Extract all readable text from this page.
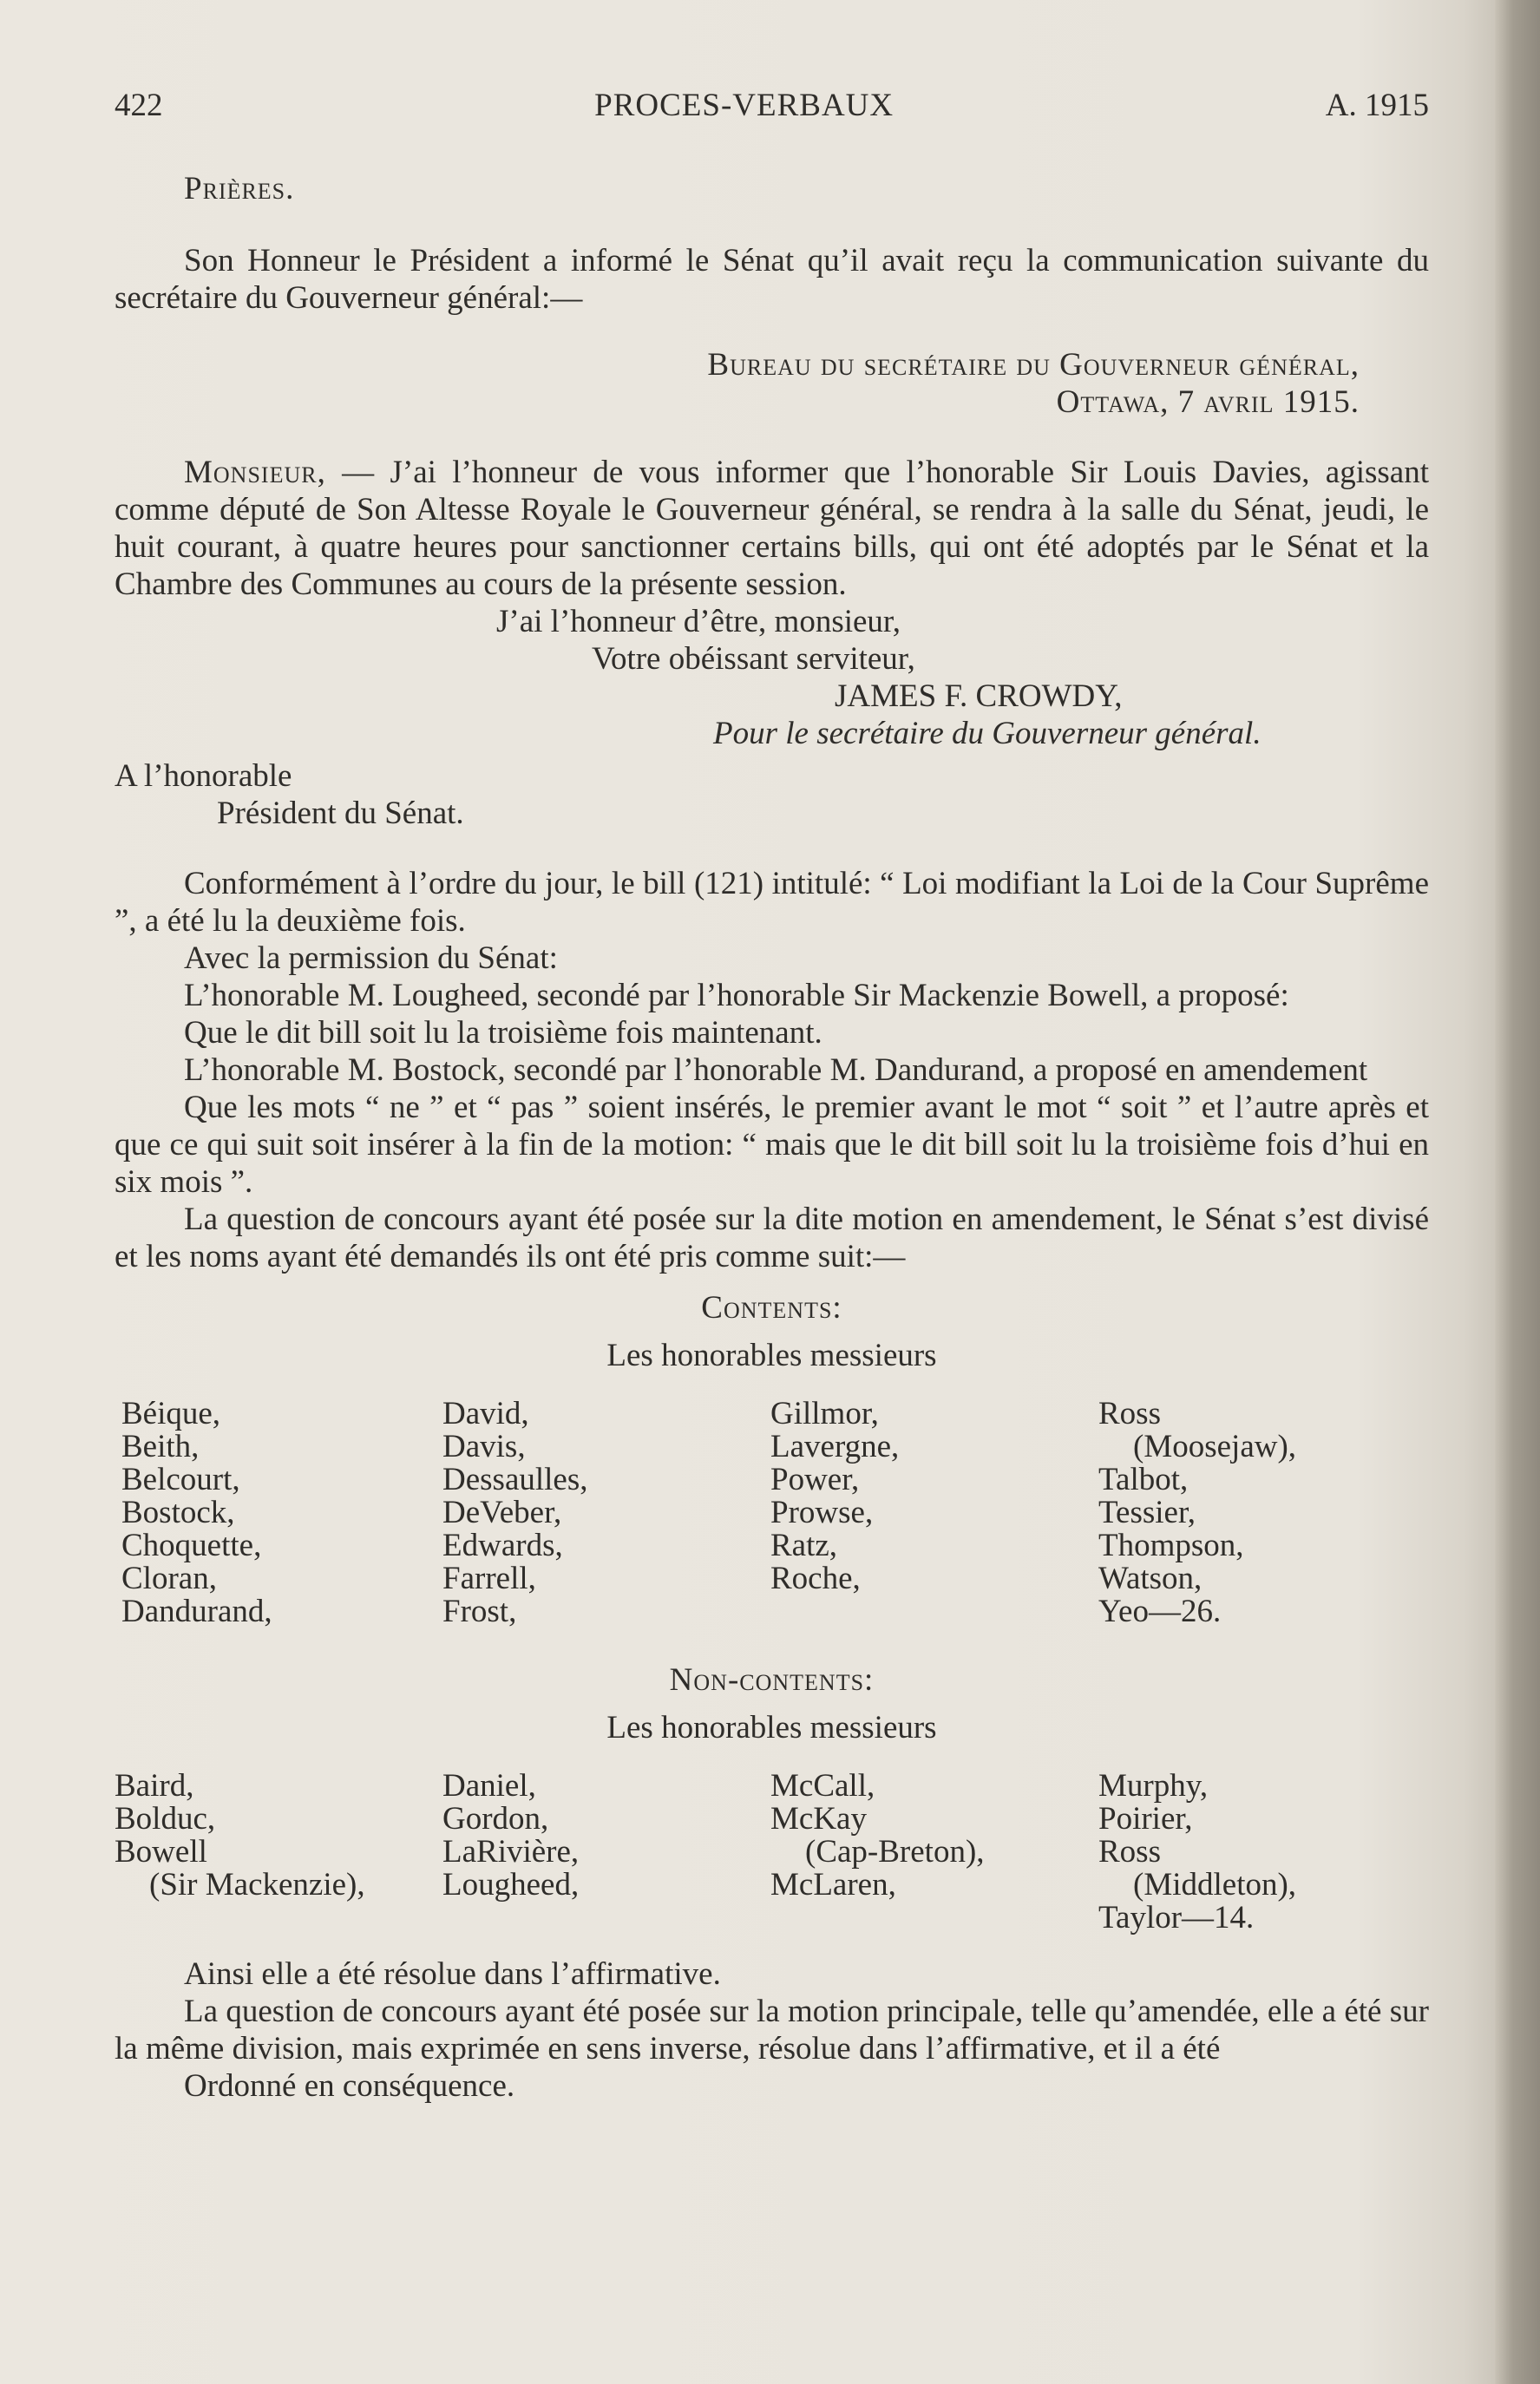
422	PROCES-VERBAUX	A. 1915
Prières.

Son Honneur le Président a informé le Sénat qu’il avait reçu la communication suivante du secrétaire du Gouverneur général:—

Bureau du secrétaire du Gouverneur général,
Ottawa, 7 avril 1915.

Monsieur, — J’ai l’honneur de vous informer que l’honorable Sir Louis Davies, agissant comme député de Son Altesse Royale le Gouverneur général, se rendra à la salle du Sénat, jeudi, le huit courant, à quatre heures pour sanctionner certains bills, qui ont été adoptés par le Sénat et la Chambre des Communes au cours de la présente session.

J’ai l’honneur d’être, monsieur,
Votre obéissant serviteur,
JAMES F. CROWDY,
Pour le secrétaire du Gouverneur général.
A l’honorable
Président du Sénat.

Conformément à l’ordre du jour, le bill (121) intitulé: “ Loi modifiant la Loi de la Cour Suprême ”, a été lu la deuxième fois.

Avec la permission du Sénat:

L’honorable M. Lougheed, secondé par l’honorable Sir Mackenzie Bowell, a proposé:

Que le dit bill soit lu la troisième fois maintenant.

L’honorable M. Bostock, secondé par l’honorable M. Dandurand, a proposé en amendement

Que les mots “ ne ” et “ pas ” soient insérés, le premier avant le mot “ soit ” et l’autre après et que ce qui suit soit insérer à la fin de la motion: “ mais que le dit bill soit lu la troisième fois d’hui en six mois ”.

La question de concours ayant été posée sur la dite motion en amendement, le Sénat s’est divisé et les noms ayant été demandés ils ont été pris comme suit:—

Contents:
Les honorables messieurs
Béique,
Beith,
Belcourt,
Bostock,
Choquette,
Cloran,
Dandurand,
David,
Davis,
Dessaulles,
DeVeber,
Edwards,
Farrell,
Frost,
Gillmor,
Lavergne,
Power,
Prowse,
Ratz,
Roche,
Ross
(Moosejaw),
Talbot,
Tessier,
Thompson,
Watson,
Yeo—26.
Non-contents:
Les honorables messieurs
Baird,
Bolduc,
Bowell
(Sir Mackenzie),
Daniel,
Gordon,
LaRivière,
Lougheed,
McCall,
McKay
(Cap-Breton),
McLaren,
Murphy,
Poirier,
Ross
(Middleton),
Taylor—14.

Ainsi elle a été résolue dans l’affirmative.

La question de concours ayant été posée sur la motion principale, telle qu’amendée, elle a été sur la même division, mais exprimée en sens inverse, résolue dans l’affirmative, et il a été

Ordonné en conséquence.
